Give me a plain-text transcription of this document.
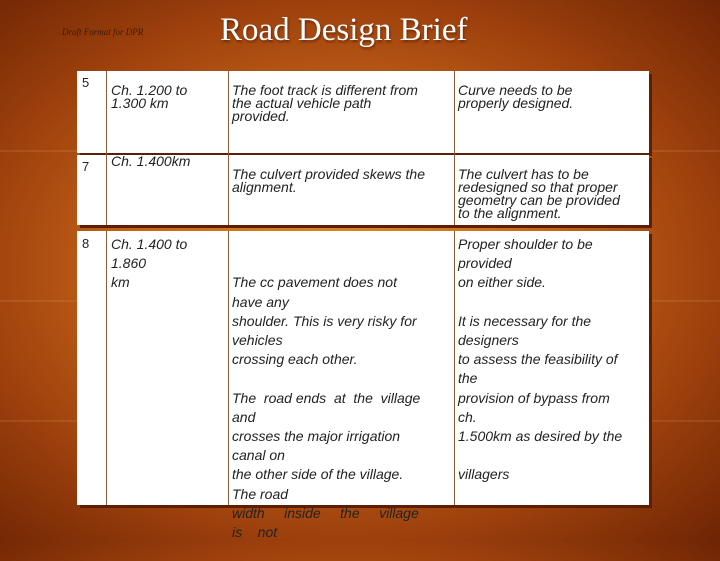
Draft Format for DPR Road Design Brief
5 Ch. 1.200 to
1.300 km
The foot track is different from
the actual vehicle path
provided.
Curve needs to be
properly designed.
7 Ch. 1.400km
The culvert provided skews the
alignment.
The culvert has to be
redesigned so that proper
geometry can be provided
to the alignment.
8 Ch. 1.400 to
1.860
km

	The cc pavement does not
have any
shoulder. This is very risky for
vehicles
crossing each other.

The  road ends  at  the  village
and
crosses the major irrigation
canal on
the other side of the village.
The road
width     inside     the     village
is    not

Proper shoulder to be
provided
on either side.

It is necessary for the
designers
to assess the feasibility of
the
provision of bypass from
ch.
1.500km as desired by the

villagers
